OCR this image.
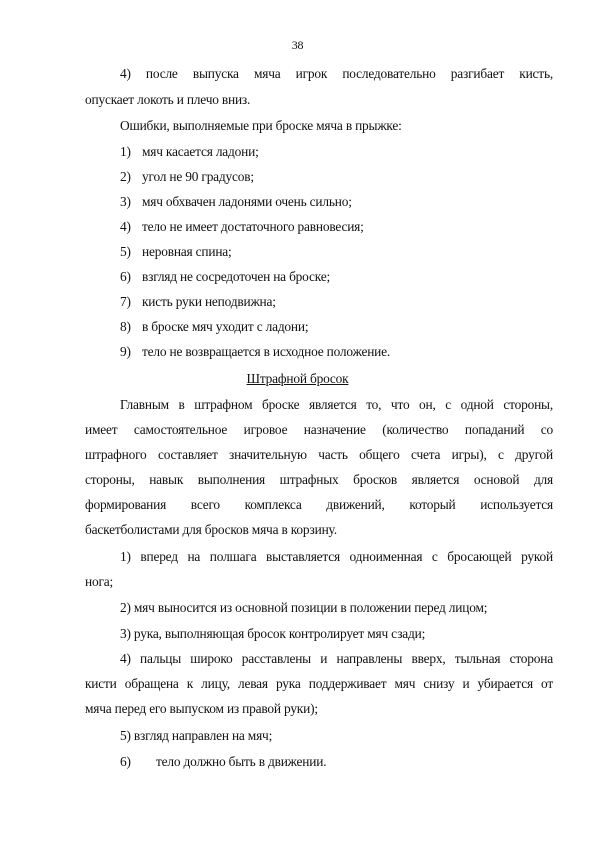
38
4) после выпуска мяча игрок последовательно разгибает кисть,
опускает локоть и плечо вниз.
Ошибки, выполняемые при броске мяча в прыжке:
1) мяч касается ладони;
2) угол не 90 градусов;
3) мяч обхвачен ладонями очень сильно;
4) тело не имеет достаточного равновесия;
5) неровная спина;
6) взгляд не сосредоточен на броске;
7) кисть руки неподвижна;
8) в броске мяч уходит с ладони;
9) тело не возвращается в исходное положение.
Штрафной бросок
Главным в штрафном броске является то, что он, с одной стороны,
имеет самостоятельное игровое назначение (количество попаданий со
штрафного составляет значительную часть общего счета игры), с другой
стороны, навык выполнения штрафных бросков является основой для
формирования всего комплекса движений, который используется
баскетболистами для бросков мяча в корзину.
1) вперед на полшага выставляется одноименная с бросающей рукой
нога;
2) мяч выносится из основной позиции в положении перед лицом;
3) рука, выполняющая бросок контролирует мяч сзади;
4) пальцы широко расставлены и направлены вверх, тыльная сторона
кисти обращена к лицу, левая рука поддерживает мяч снизу и убирается от
мяча перед его выпуском из правой руки);
5) взгляд направлен на мяч;
6) тело должно быть в движении.
